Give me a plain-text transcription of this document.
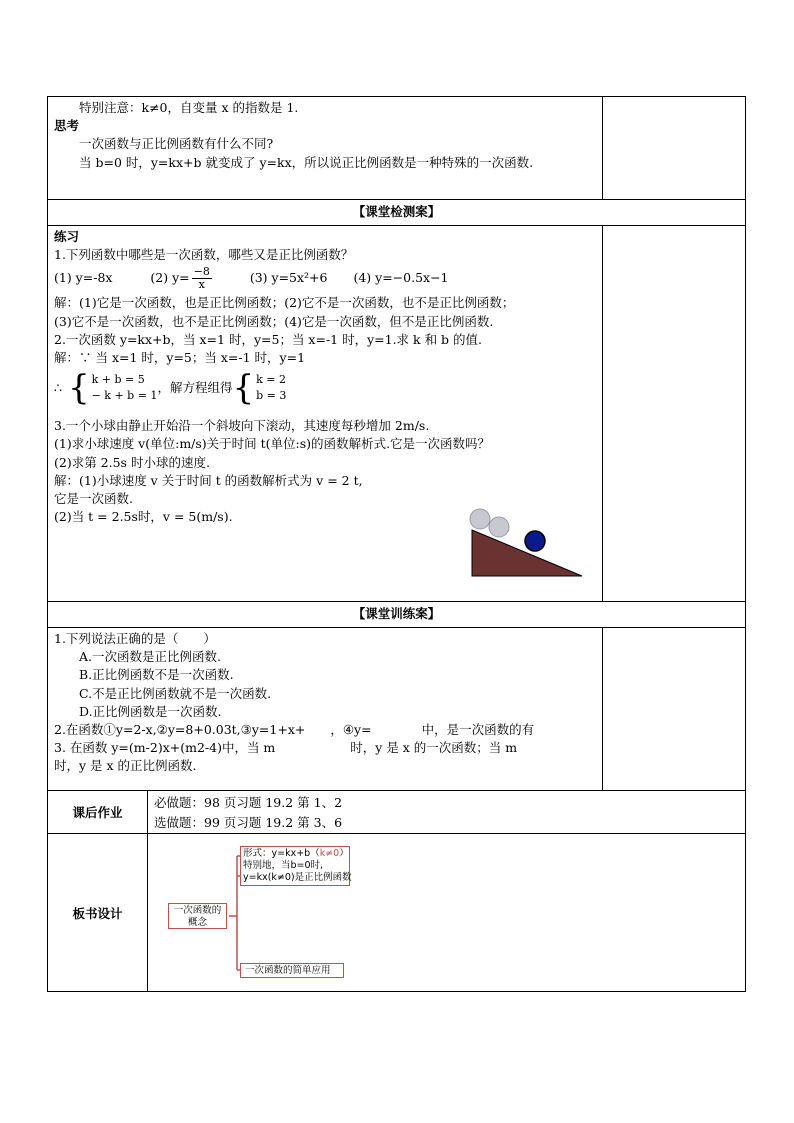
特别注意：k≠0，自变量 x 的指数是 1.
思考
一次函数与正比例函数有什么不同?
当 b=0 时，y=kx+b 就变成了 y=kx，所以说正比例函数是一种特殊的一次函数.
【课堂检测案】
练习
1.下列函数中哪些是一次函数，哪些又是正比例函数？
(1) y=-8x	(2) $y= \frac{-8}{x}$	(3) y=5x²+6 (4) y=−0.5x−1
解：(1)它是一次函数，也是正比例函数；(2)它不是一次函数，也不是正比例函数；
(3)它不是一次函数，也不是正比例函数；(4)它是一次函数，但不是正比例函数.
2.一次函数 y=kx+b，当 x=1 时，y=5；当 x=-1 时，y=1.求 k 和 b 的值.
解：∵ 当 x=1 时，y=5；当 x=-1 时，y=1
∴ { k + b = 5
− k + b = 1
，解方程组得 { k = 2
b = 3
3.一个小球由静止开始沿一个斜坡向下滚动，其速度每秒增加 2m/s.
(1)求小球速度 v(单位:m/s)关于时间 t(单位:s)的函数解析式.它是一次函数吗？
(2)求第 2.5s 时小球的速度.
解：(1)小球速度 v 关于时间 t 的函数解析式为 v = 2 t,
它是一次函数.
(2)当 t = 2.5s时，v = 5(m/s).
【课堂训练案】
1.下列说法正确的是（　　）
A.一次函数是正比例函数.
B.正比例函数不是一次函数.
C.不是正比例函数就不是一次函数.
D.正比例函数是一次函数.
2.在函数①y=2-x,②y=8+0.03t,③y=1+x+　　，④y=　　　　中，是一次函数的有
3. 在函数 y=(m-2)x+(m2-4)中，当 m　　　　　　时，y 是 x 的一次函数；当 m
时，y 是 x 的正比例函数.
课后作业
必做题：98 页习题 19.2 第 1、2
选做题：99 页习题 19.2 第 3、6
板书设计	一次函数的
概念
形式：y=kx+b（k≠0）
特别地，当b=0时,
y=kx(k≠0)是正比例函数
一次函数的简单应用
